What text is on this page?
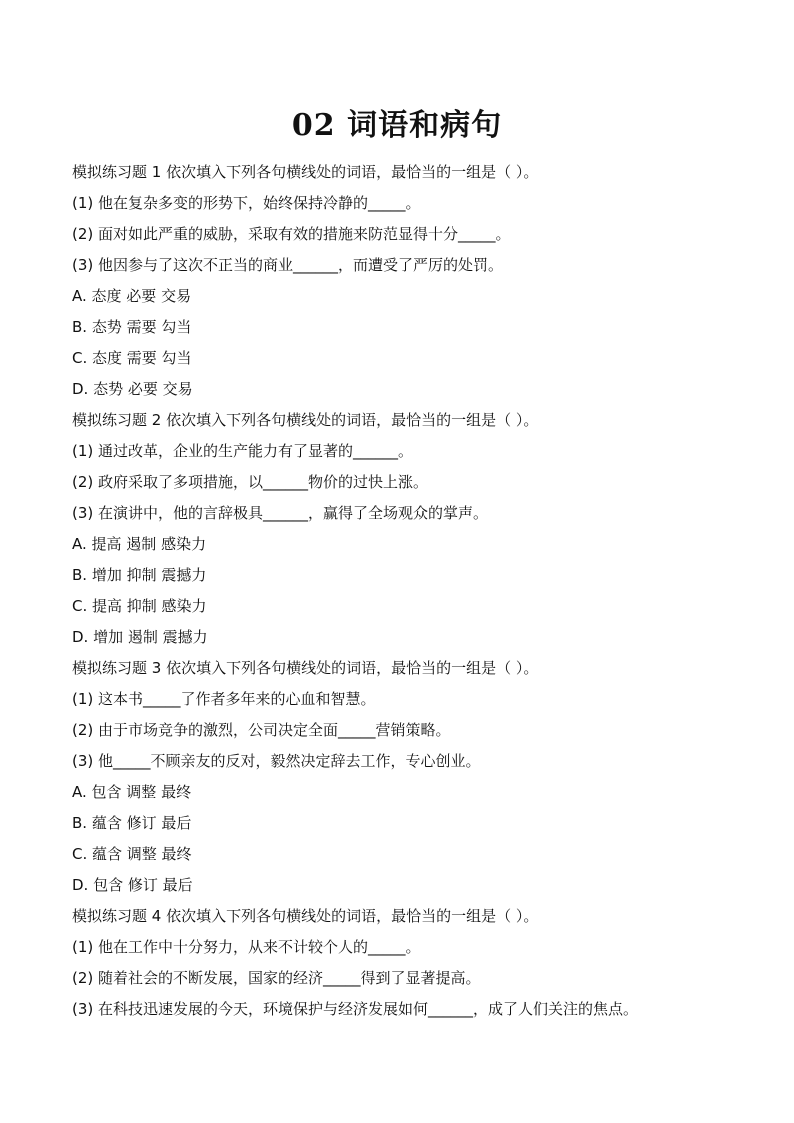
02 词语和病句
模拟练习题 1 依次填入下列各句横线处的词语，最恰当的一组是（ ）。
(1) 他在复杂多变的形势下，始终保持冷静的_____。
(2) 面对如此严重的威胁，采取有效的措施来防范显得十分_____。
(3) 他因参与了这次不正当的商业______，而遭受了严厉的处罚。
A. 态度 必要 交易
B. 态势 需要 勾当
C. 态度 需要 勾当
D. 态势 必要 交易
模拟练习题 2 依次填入下列各句横线处的词语，最恰当的一组是（ ）。
(1) 通过改革，企业的生产能力有了显著的______。
(2) 政府采取了多项措施，以______物价的过快上涨。
(3) 在演讲中，他的言辞极具______，赢得了全场观众的掌声。
A. 提高 遏制 感染力
B. 增加 抑制 震撼力
C. 提高 抑制 感染力
D. 增加 遏制 震撼力
模拟练习题 3 依次填入下列各句横线处的词语，最恰当的一组是（ ）。
(1) 这本书_____了作者多年来的心血和智慧。
(2) 由于市场竞争的激烈，公司决定全面_____营销策略。
(3) 他_____不顾亲友的反对，毅然决定辞去工作，专心创业。
A. 包含 调整 最终
B. 蕴含 修订 最后
C. 蕴含 调整 最终
D. 包含 修订 最后
模拟练习题 4 依次填入下列各句横线处的词语，最恰当的一组是（ ）。
(1) 他在工作中十分努力，从来不计较个人的_____。
(2) 随着社会的不断发展，国家的经济_____得到了显著提高。
(3) 在科技迅速发展的今天，环境保护与经济发展如何______，成了人们关注的焦点。
